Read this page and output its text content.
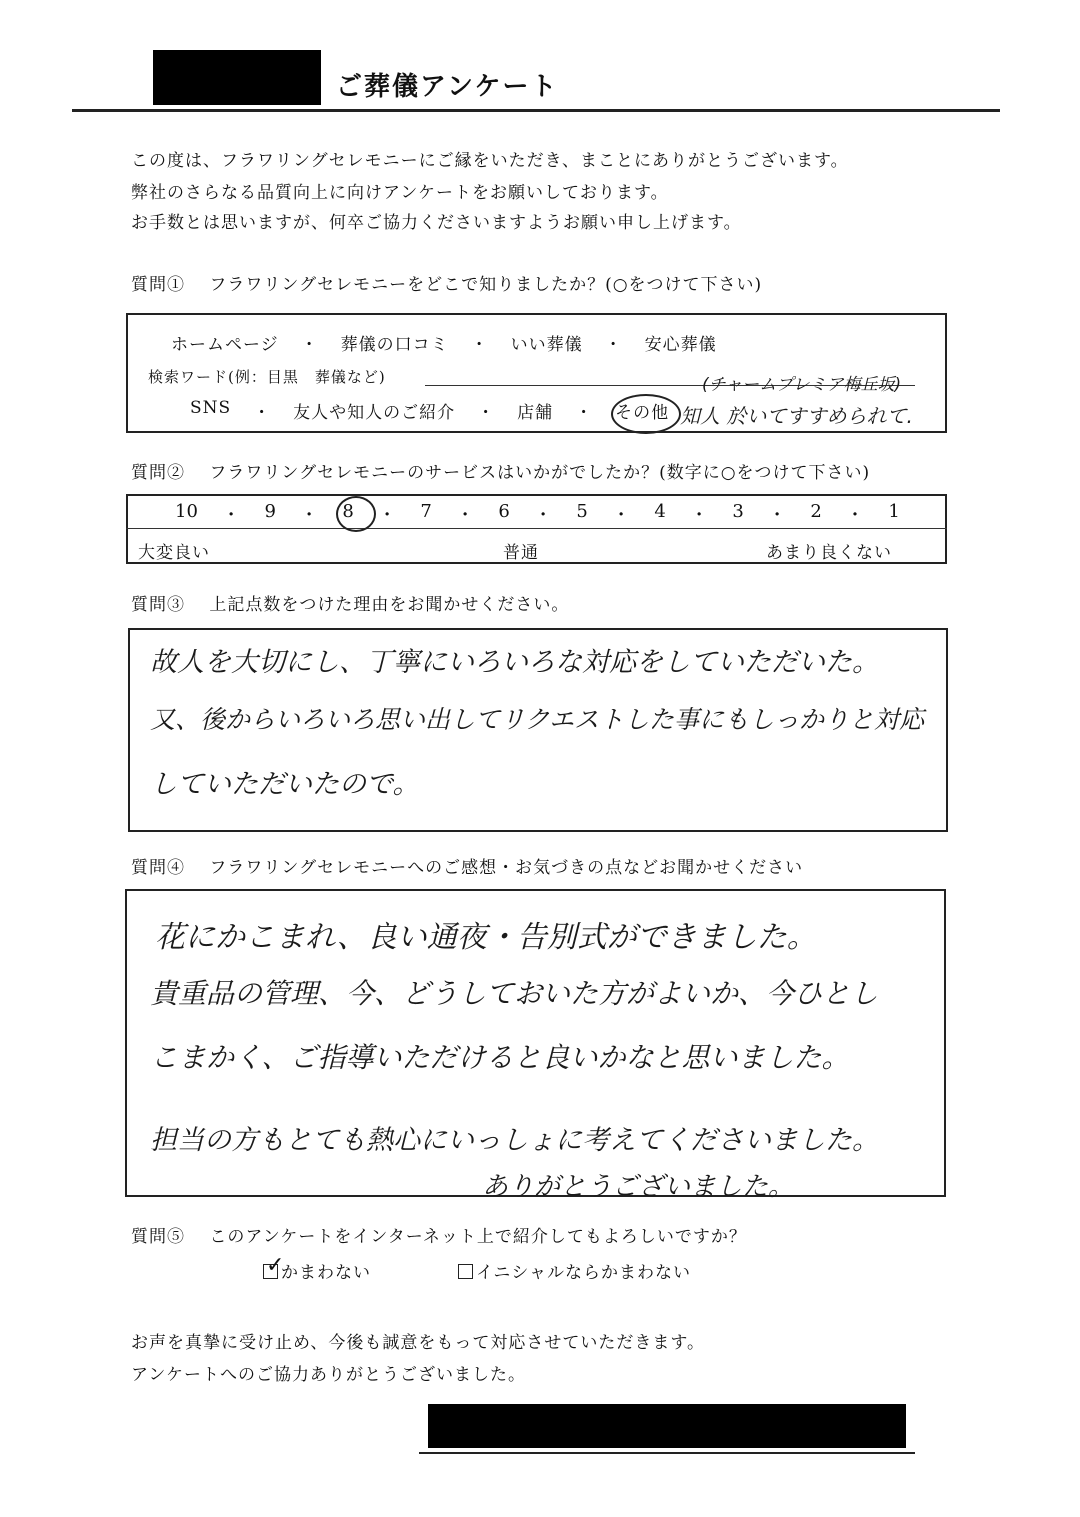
ご葬儀アンケート
この度は、フラワリングセレモニーにご縁をいただき、まことにありがとうございます。
弊社のさらなる品質向上に向けアンケートをお願いしております。
お手数とは思いますが、何卒ご協力くださいますようお願い申し上げます。
質問① フラワリングセレモニーをどこで知りましたか？(○をつけて下さい)
ホームページ ・ 葬儀の口コミ ・ いい葬儀 ・ 安心葬儀
検索ワード(例：目黒　葬儀など)	(チャームプレミア梅丘坂)
SNS ・ 友人や知人のご紹介 ・ 店舗 ・ その他 知人 於いてすすめられて.
質問② フラワリングセレモニーのサービスはいかがでしたか？(数字に○をつけて下さい)
10 ・ 9 ・ 8 ・ 7 ・ 6 ・ 5 ・ 4 ・ 3 ・ 2 ・ 1
大変良い	普通	あまり良くない
質問③ 上記点数をつけた理由をお聞かせください。
故人を大切にし、丁寧にいろいろな対応をしていただいた。
又、後からいろいろ思い出してリクエストした事にもしっかりと対応
していただいたので。
質問④ フラワリングセレモニーへのご感想・お気づきの点などお聞かせください
花にかこまれ、良い通夜・告別式ができました。
貴重品の管理、今、どうしておいた方がよいか、今ひとし
こまかく、ご指導いただけると良いかなと思いました。
担当の方もとても熱心にいっしょに考えてくださいました。
ありがとうございました。
質問⑤ このアンケートをインターネット上で紹介してもよろしいですか？
✓
かまわない	イニシャルならかまわない
お声を真摯に受け止め、今後も誠意をもって対応させていただきます。
アンケートへのご協力ありがとうございました。
